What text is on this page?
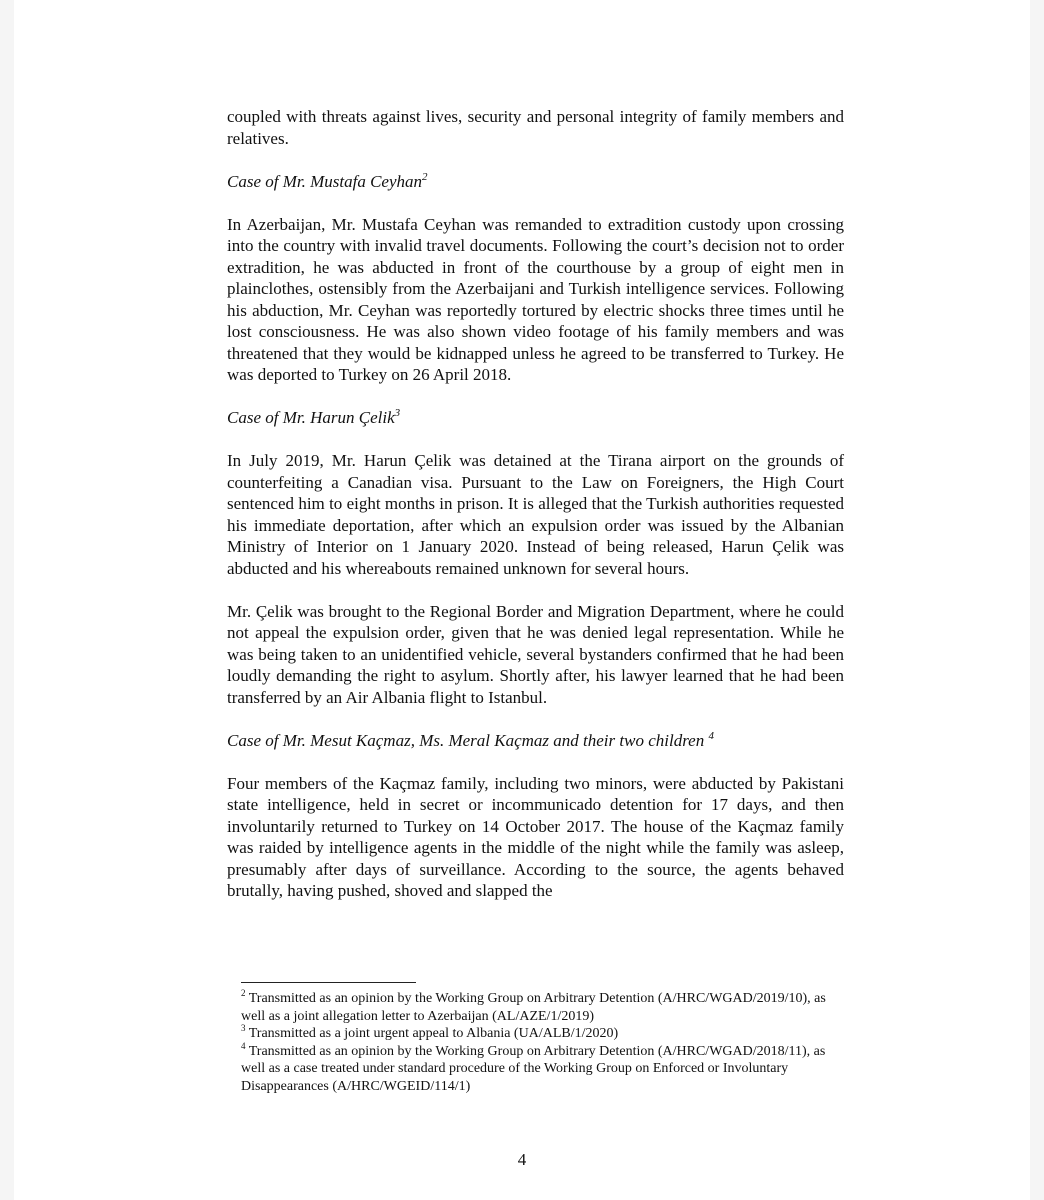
coupled with threats against lives, security and personal integrity of family members and relatives.

Case of Mr. Mustafa Ceyhan$^2$

In Azerbaijan, Mr. Mustafa Ceyhan was remanded to extradition custody upon crossing into the country with invalid travel documents. Following the court’s decision not to order extradition, he was abducted in front of the courthouse by a group of eight men in plainclothes, ostensibly from the Azerbaijani and Turkish intelligence services. Following his abduction, Mr. Ceyhan was reportedly tortured by electric shocks three times until he lost consciousness. He was also shown video footage of his family members and was threatened that they would be kidnapped unless he agreed to be transferred to Turkey. He was deported to Turkey on 26 April 2018.

Case of Mr. Harun Çelik$^3$

In July 2019, Mr. Harun Çelik was detained at the Tirana airport on the grounds of counterfeiting a Canadian visa. Pursuant to the Law on Foreigners, the High Court sentenced him to eight months in prison. It is alleged that the Turkish authorities requested his immediate deportation, after which an expulsion order was issued by the Albanian Ministry of Interior on 1 January 2020. Instead of being released, Harun Çelik was abducted and his whereabouts remained unknown for several hours.

Mr. Çelik was brought to the Regional Border and Migration Department, where he could not appeal the expulsion order, given that he was denied legal representation. While he was being taken to an unidentified vehicle, several bystanders confirmed that he had been loudly demanding the right to asylum. Shortly after, his lawyer learned that he had been transferred by an Air Albania flight to Istanbul.

Case of Mr. Mesut Kaçmaz, Ms. Meral Kaçmaz and their two children $^4$

Four members of the Kaçmaz family, including two minors, were abducted by Pakistani state intelligence, held in secret or incommunicado detention for 17 days, and then involuntarily returned to Turkey on 14 October 2017. The house of the Kaçmaz family was raided by intelligence agents in the middle of the night while the family was asleep, presumably after days of surveillance. According to the source, the agents behaved brutally, having pushed, shoved and slapped the

$^2$ Transmitted as an opinion by the Working Group on Arbitrary Detention (A/HRC/WGAD/2019/10), as
well as a joint allegation letter to Azerbaijan (AL/AZE/1/2019)

$^3$ Transmitted as a joint urgent appeal to Albania (UA/ALB/1/2020)

$^4$ Transmitted as an opinion by the Working Group on Arbitrary Detention (A/HRC/WGAD/2018/11), as
well as a case treated under standard procedure of the Working Group on Enforced or Involuntary
Disappearances (A/HRC/WGEID/114/1)

4
